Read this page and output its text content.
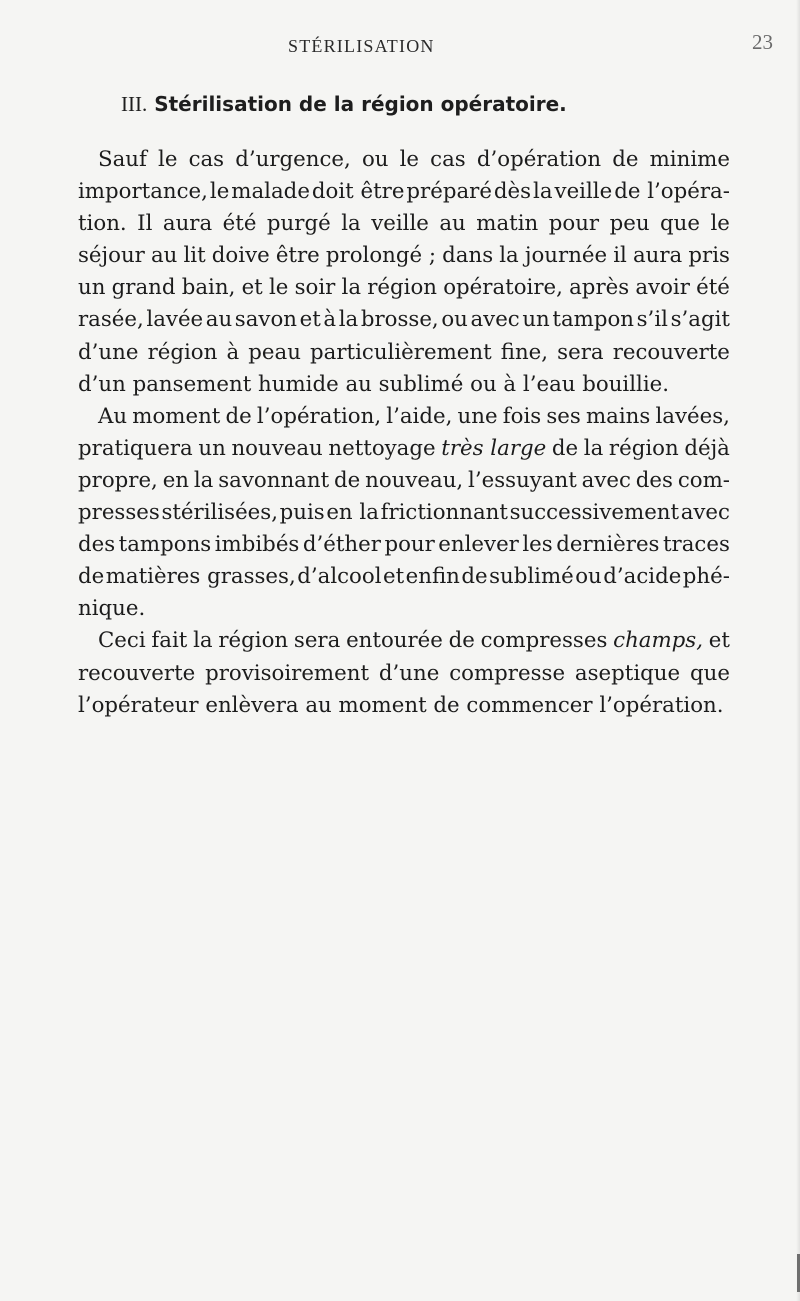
STÉRILISATION	23
III. Stérilisation de la région opératoire.
Sauf le cas d’urgence, ou le cas d’opération de minime
importance, le malade doit être préparé dès la veille de l’opéra-
tion. Il aura été purgé la veille au matin pour peu que le
séjour au lit doive être prolongé ; dans la journée il aura pris
un grand bain, et le soir la région opératoire, après avoir été
rasée, lavée au savon et à la brosse, ou avec un tampon s’il s’agit
d’une région à peau particulièrement fine, sera recouverte
d’un pansement humide au sublimé ou à l’eau bouillie.
Au moment de l’opération, l’aide, une fois ses mains lavées,
pratiquera un nouveau nettoyage très large de la région déjà
propre, en la savonnant de nouveau, l’essuyant avec des com-
presses stérilisées, puis en la frictionnant successivement avec
des tampons imbibés d’éther pour enlever les dernières traces
de matières grasses, d’alcool et enfin de sublimé ou d’acide phé-
nique.
Ceci fait la région sera entourée de compresses champs, et
recouverte provisoirement d’une compresse aseptique que
l’opérateur enlèvera au moment de commencer l’opération.
